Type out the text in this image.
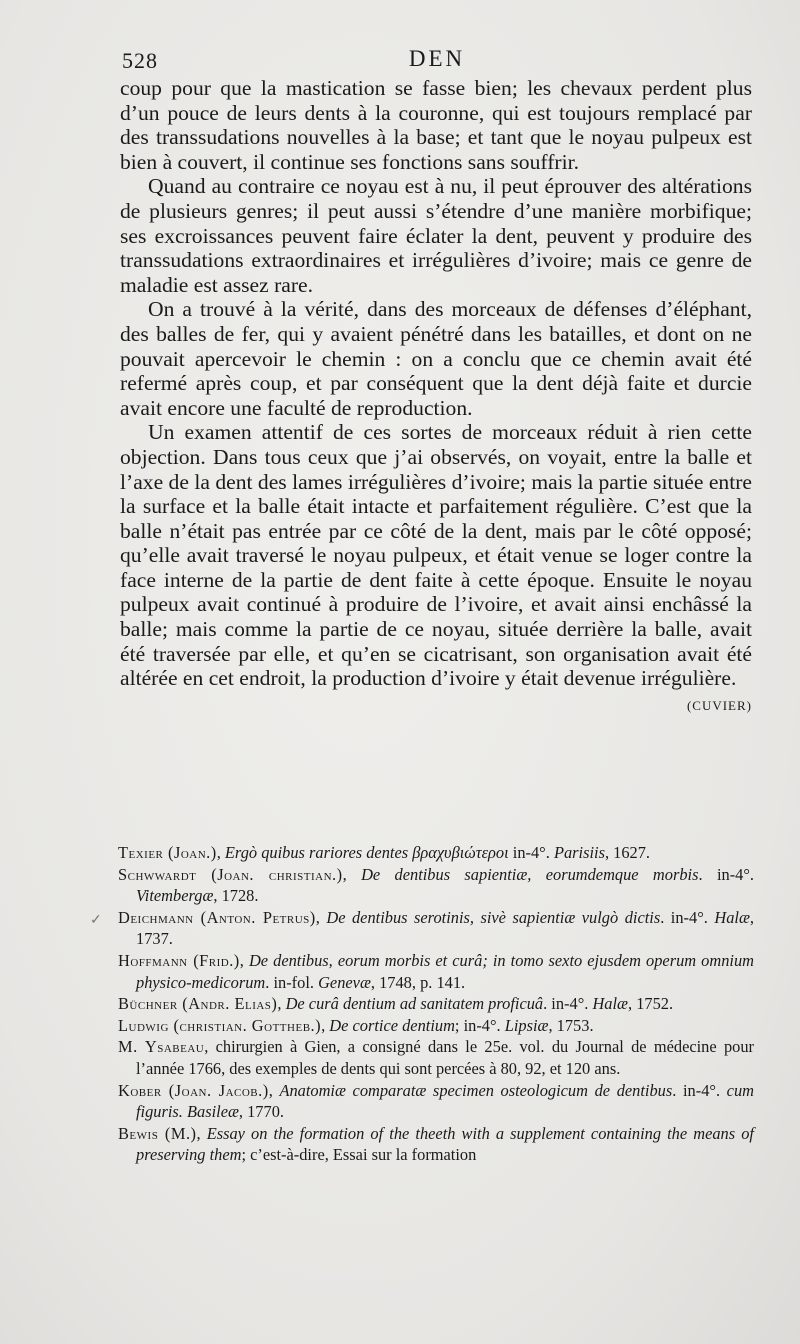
528	DEN

coup pour que la mastication se fasse bien; les chevaux perdent plus d’un pouce de leurs dents à la couronne, qui est toujours remplacé par des transsudations nouvelles à la base; et tant que le noyau pulpeux est bien à couvert, il continue ses fonctions sans souffrir.

Quand au contraire ce noyau est à nu, il peut éprouver des altérations de plusieurs genres; il peut aussi s’étendre d’une manière morbifique; ses excroissances peuvent faire éclater la dent, peuvent y produire des transsudations extraordinaires et irrégulières d’ivoire; mais ce genre de maladie est assez rare.

On a trouvé à la vérité, dans des morceaux de défenses d’éléphant, des balles de fer, qui y avaient pénétré dans les batailles, et dont on ne pouvait apercevoir le chemin : on a conclu que ce chemin avait été refermé après coup, et par conséquent que la dent déjà faite et durcie avait encore une faculté de reproduction.

Un examen attentif de ces sortes de morceaux réduit à rien cette objection. Dans tous ceux que j’ai observés, on voyait, entre la balle et l’axe de la dent des lames irrégulières d’ivoire; mais la partie située entre la surface et la balle était intacte et parfaitement régulière. C’est que la balle n’était pas entrée par ce côté de la dent, mais par le côté opposé; qu’elle avait traversé le noyau pulpeux, et était venue se loger contre la face interne de la partie de dent faite à cette époque. Ensuite le noyau pulpeux avait continué à produire de l’ivoire, et avait ainsi enchâssé la balle; mais comme la partie de ce noyau, située derrière la balle, avait été traversée par elle, et qu’en se cicatrisant, son organisation avait été altérée en cet endroit, la production d’ivoire y était devenue irrégulière.
(CUVIER)

Texier (Joan.), Ergò quibus rariores dentes βραχυβιώτεροι in-4°. Parisiis, 1627.

Schwwardt (Joan. christian.), De dentibus sapientiæ, eorumdemque morbis. in-4°. Vitembergæ, 1728.

Deichmann (Anton. Petrus), De dentibus serotinis, sivè sapientiæ vulgò dictis. in-4°. Halæ, 1737.

Hoffmann (Frid.), De dentibus, eorum morbis et curâ; in tomo sexto ejusdem operum omnium physico-medicorum. in-fol. Genevæ, 1748, p. 141.

Büchner (Andr. Elias), De curâ dentium ad sanitatem proficuâ. in-4°. Halæ, 1752.

Ludwig (christian. Gottheb.), De cortice dentium; in-4°. Lipsiæ, 1753.

M. Ysabeau, chirurgien à Gien, a consigné dans le 25e. vol. du Journal de médecine pour l’année 1766, des exemples de dents qui sont percées à 80, 92, et 120 ans.

Kober (Joan. Jacob.), Anatomiæ comparatæ specimen osteologicum de dentibus. in-4°. cum figuris. Basileæ, 1770.

Bewis (M.), Essay on the formation of the theeth with a supplement containing the means of preserving them; c’est-à-dire, Essai sur la formation

✓
